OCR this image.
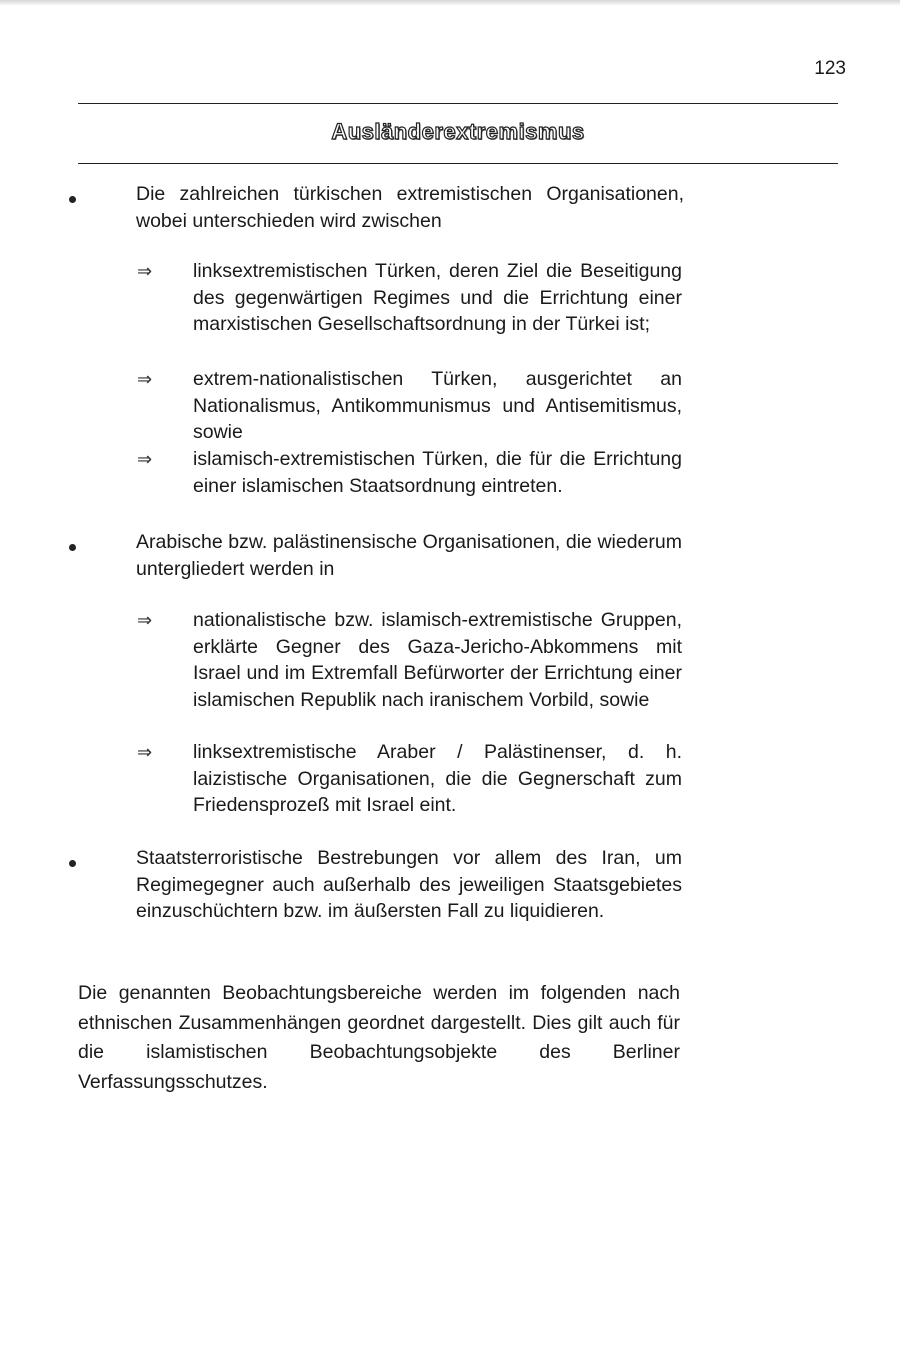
123
Ausländerextremismus
Die zahlreichen türkischen extremistischen Organisationen, wobei unterschieden wird zwischen
⇒ linksextremistischen Türken, deren Ziel die Beseitigung des gegenwärtigen Regimes und die Errichtung einer marxistischen Gesellschaftsordnung in der Türkei ist;
⇒ extrem-nationalistischen Türken, ausgerichtet an Nationalismus, Antikommunismus und Antisemitismus, sowie
⇒ islamisch-extremistischen Türken, die für die Errichtung einer islamischen Staatsordnung eintreten.
Arabische bzw. palästinensische Organisationen, die wiederum untergliedert werden in
⇒ nationalistische bzw. islamisch-extremistische Gruppen, erklärte Gegner des Gaza-Jericho-Abkommens mit Israel und im Extremfall Befürworter der Errichtung einer islamischen Republik nach iranischem Vorbild, sowie
⇒ linksextremistische Araber / Palästinenser, d. h. laizistische Organisationen, die die Gegnerschaft zum Friedensprozeß mit Israel eint.
Staatsterroristische Bestrebungen vor allem des Iran, um Regimegegner auch außerhalb des jeweiligen Staatsgebietes einzuschüchtern bzw. im äußersten Fall zu liquidieren.
Die genannten Beobachtungsbereiche werden im folgenden nach ethnischen Zusammenhängen geordnet dargestellt. Dies gilt auch für die islamistischen Beobachtungsobjekte des Berliner Verfassungsschutzes.
